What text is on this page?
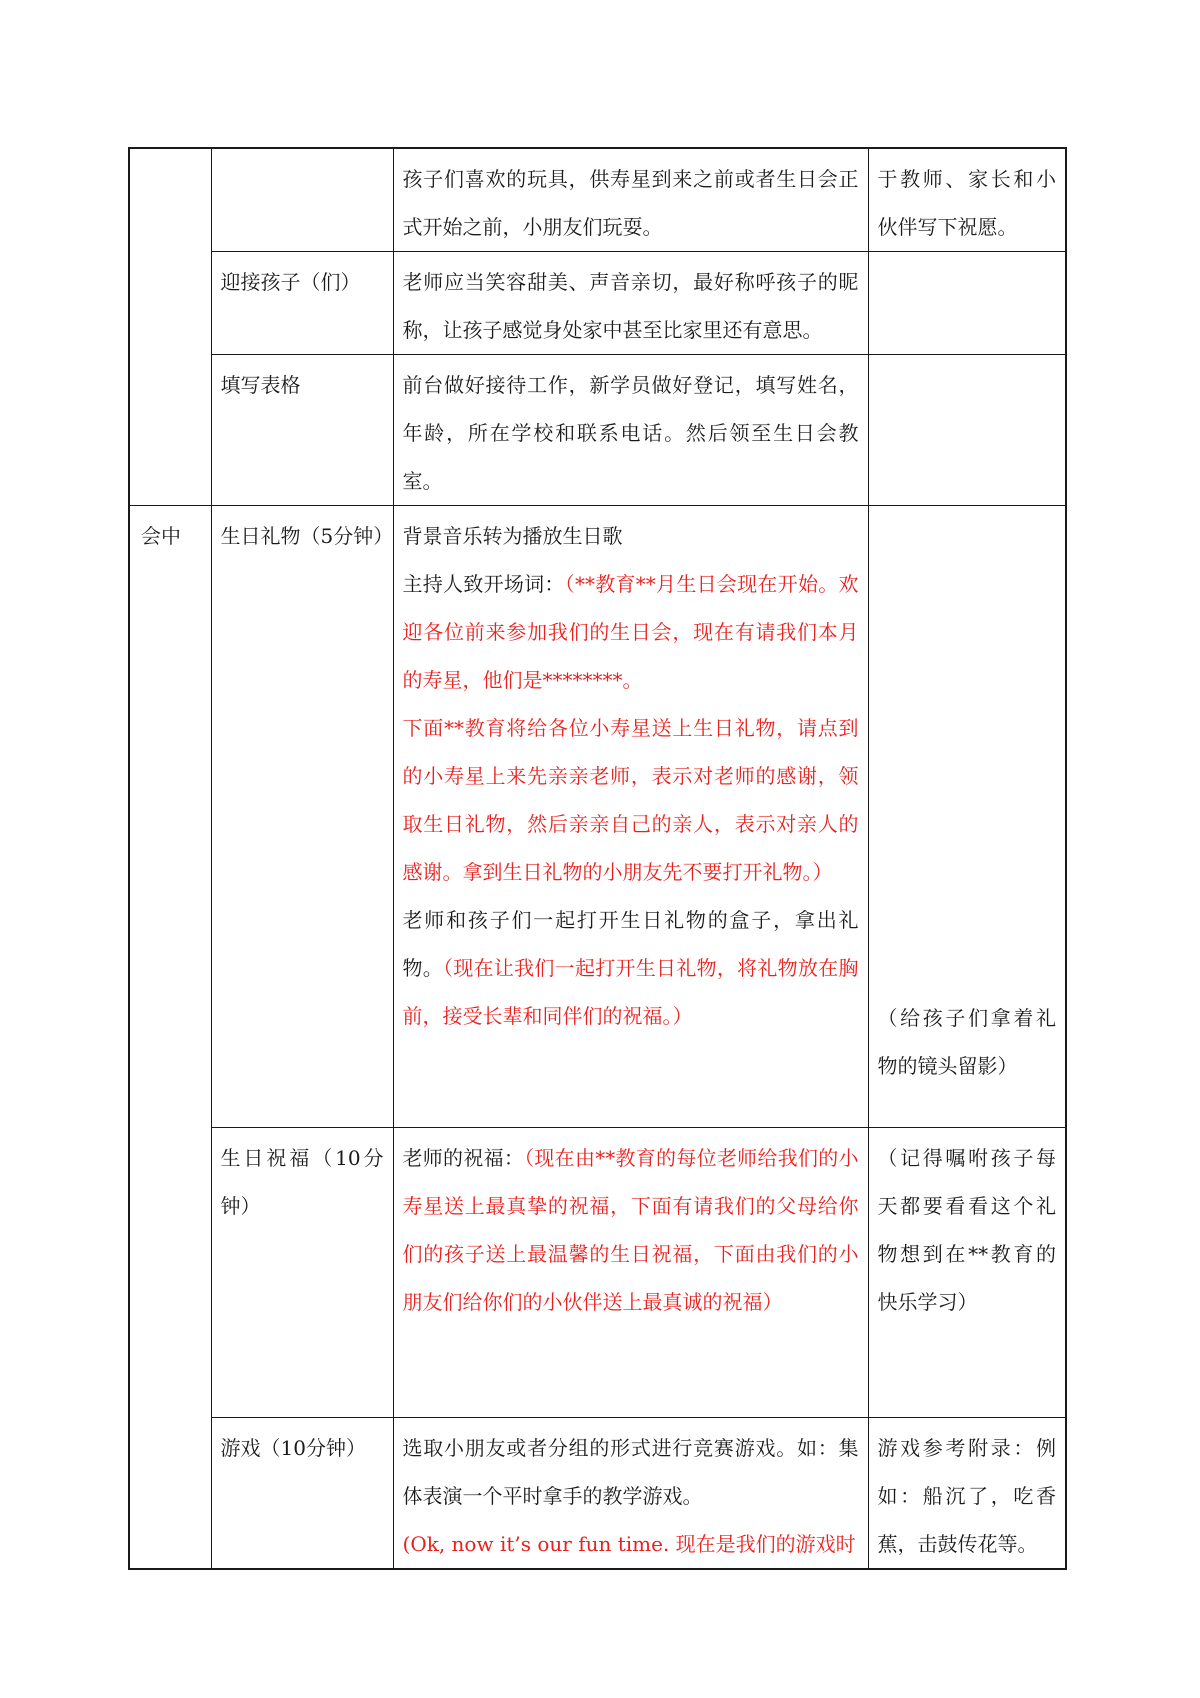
		孩子们喜欢的玩具，供寿星到来之前或者生日会正式开始之前，小朋友们玩耍。	于教师、家长和小伙伴写下祝愿。

	迎接孩子（们）	老师应当笑容甜美、声音亲切，最好称呼孩子的昵称，让孩子感觉身处家中甚至比家里还有意思。	

	填写表格	前台做好接待工作，新学员做好登记，填写姓名，年龄，所在学校和联系电话。然后领至生日会教室。	

会中	生日礼物（5分钟）	背景音乐转为播放生日歌

主持人致开场词：（**教育**月生日会现在开始。欢迎各位前来参加我们的生日会，现在有请我们本月的寿星，他们是********。

下面**教育将给各位小寿星送上生日礼物，请点到的小寿星上来先亲亲老师，表示对老师的感谢，领取生日礼物，然后亲亲自己的亲人，表示对亲人的感谢。拿到生日礼物的小朋友先不要打开礼物。）

老师和孩子们一起打开生日礼物的盒子，拿出礼物。（现在让我们一起打开生日礼物，将礼物放在胸前，接受长辈和同伴们的祝福。）	（给孩子们拿着礼物的镜头留影）

	生日祝福（10分钟）	老师的祝福：（现在由**教育的每位老师给我们的小寿星送上最真挚的祝福，下面有请我们的父母给你们的孩子送上最温馨的生日祝福，下面由我们的小朋友们给你们的小伙伴送上最真诚的祝福）	（记得嘱咐孩子每天都要看看这个礼物想到在**教育的快乐学习）

	游戏（10分钟）	选取小朋友或者分组的形式进行竞赛游戏。如：集体表演一个平时拿手的教学游戏。

(Ok, now it’s our fun time. 现在是我们的游戏时	游戏参考附录：例如：船沉了，吃香蕉，击鼓传花等。
